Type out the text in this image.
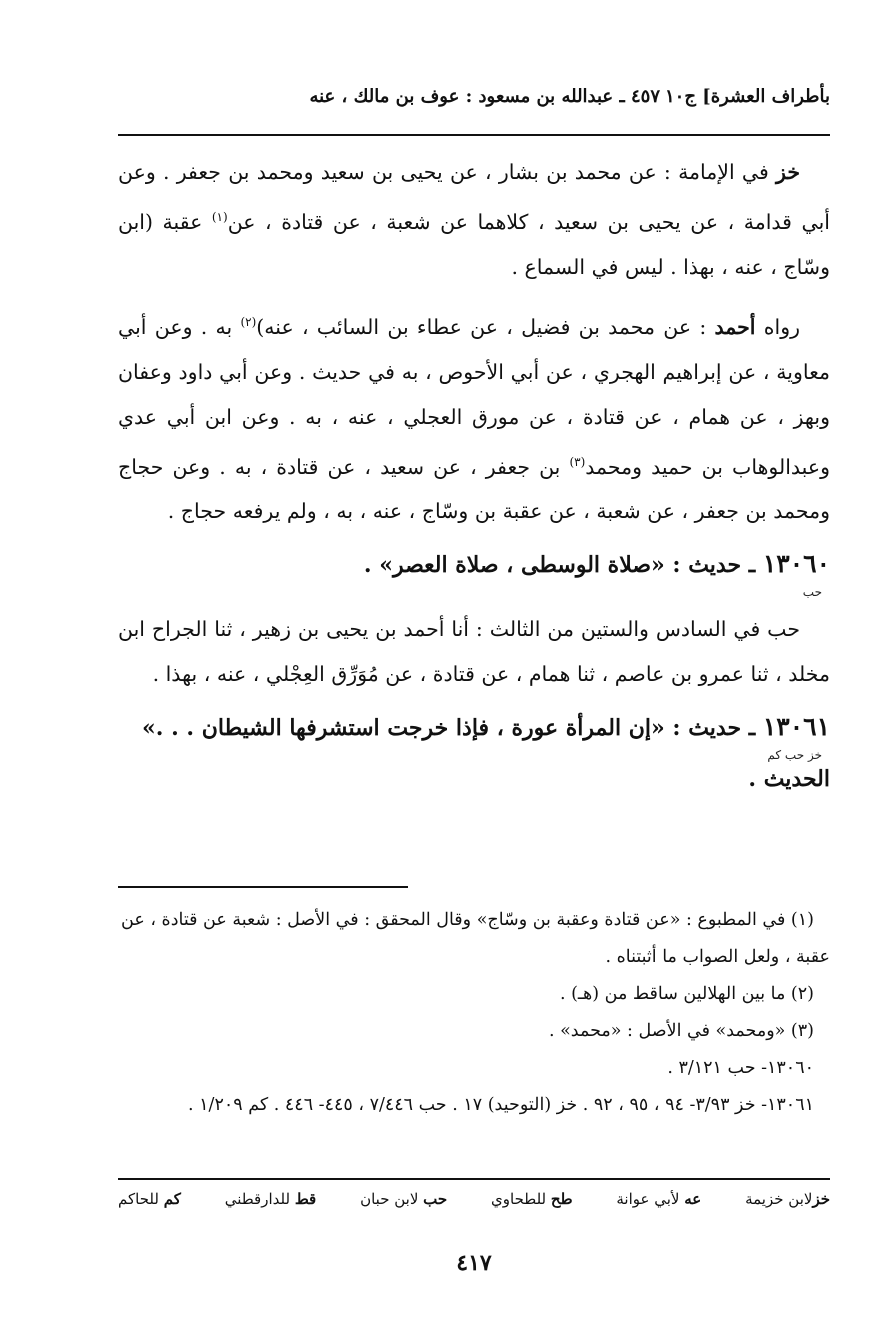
بأطراف العشرة] ج١٠
٤٥٧ ـ عبدالله بن مسعود : عوف بن مالك ، عنه

خز في الإمامة : عن محمد بن بشار ، عن يحيى بن سعيد ومحمد بن جعفر . وعن أبي قدامة ، عن يحيى بن سعيد ، كلاهما عن شعبة ، عن قتادة ، عن$^{(١)}$ عقبة (ابن وسّاج ، عنه ، بهذا . ليس في السماع .

رواه أحمد : عن محمد بن فضيل ، عن عطاء بن السائب ، عنه)$^{(٢)}$ به . وعن أبي معاوية ، عن إبراهيم الهجري ، عن أبي الأحوص ، به في حديث . وعن أبي داود وعفان وبهز ، عن همام ، عن قتادة ، عن مورق العجلي ، عنه ، به . وعن ابن أبي عدي وعبدالوهاب بن حميد ومحمد$^{(٣)}$ بن جعفر ، عن سعيد ، عن قتادة ، به . وعن حجاج ومحمد بن جعفر ، عن شعبة ، عن عقبة بن وسّاج ، عنه ، به ، ولم يرفعه حجاج .

١٣٠٦٠ ـ حديث : «صلاة الوسطى ، صلاة العصر» .
حب

حب في السادس والستين من الثالث : أنا أحمد بن يحيى بن زهير ، ثنا الجراح ابن مخلد ، ثنا عمرو بن عاصم ، ثنا همام ، عن قتادة ، عن مُوَرِّق العِجْلي ، عنه ، بهذا .

١٣٠٦١ ـ حديث : «إن المرأة عورة ، فإذا خرجت استشرفها الشيطان . . .»
خز حب كم
الحديث .

(١) في المطبوع : «عن قتادة وعقبة بن وسّاج» وقال المحقق : في الأصل : شعبة عن قتادة ، عن عقبة ، ولعل الصواب ما أثبتناه .

(٢) ما بين الهلالين ساقط من (هـ) .

(٣) «ومحمد» في الأصل : «محمد» .

١٣٠٦٠- حب ٣/١٢١ .

١٣٠٦١- خز ٣/٩٣- ٩٤ ، ٩٥ ، ٩٢ . خز (التوحيد) ١٧ . حب ٧/٤٤٦ ، ٤٤٥- ٤٤٦ . كم ١/٢٠٩ .

خزلابن خزيمة
عه لأبي عوانة
طح للطحاوي
حب لابن حبان
قط للدارقطني
كم للحاكم
٤١٧
